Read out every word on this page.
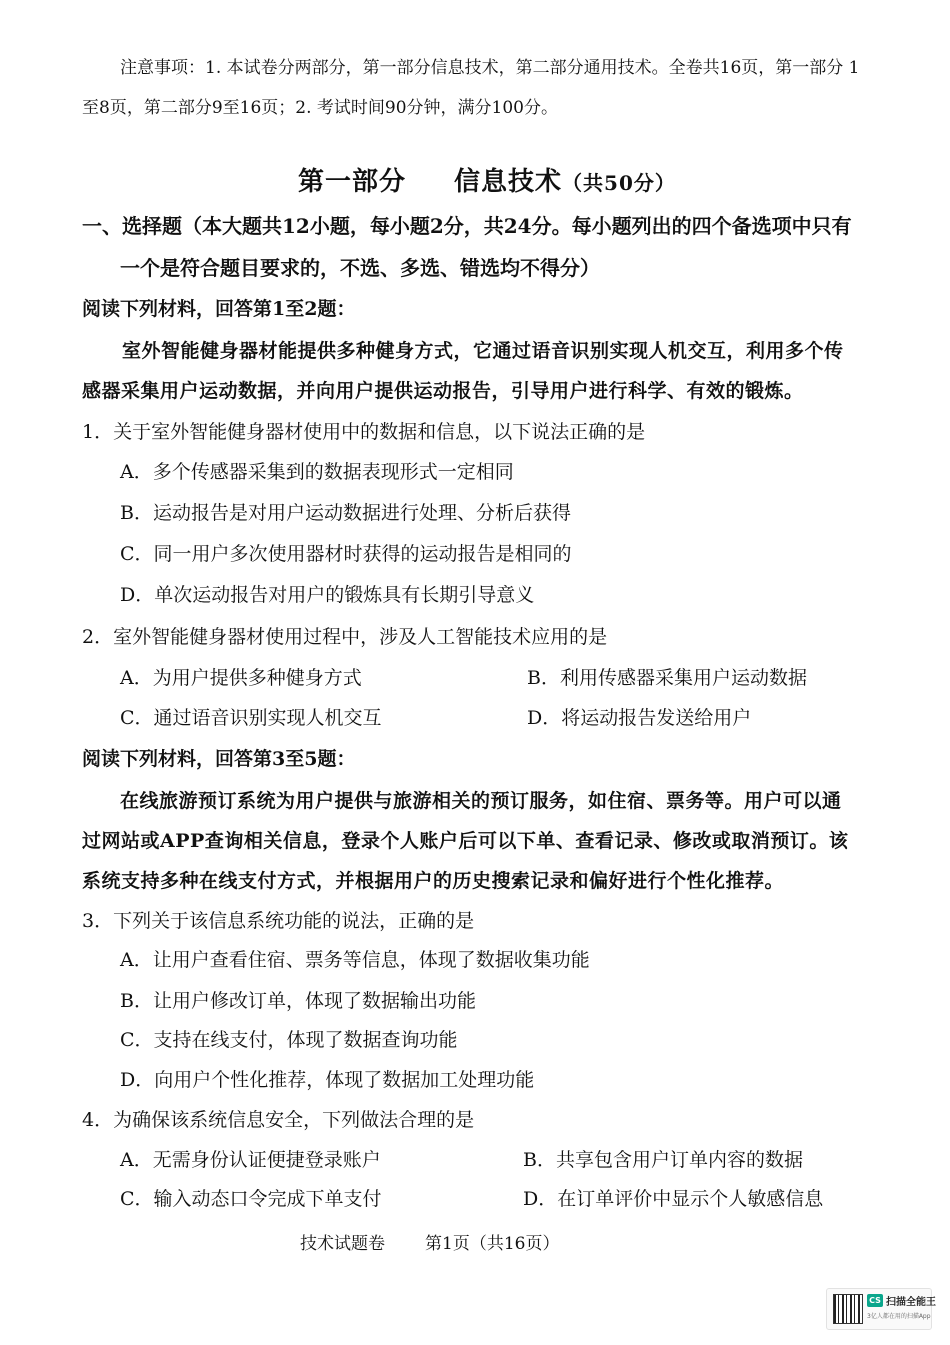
注意事项：1. 本试卷分两部分，第一部分信息技术，第二部分通用技术。全卷共16页，第一部分 1
至8页，第二部分9至16页；2. 考试时间90分钟，满分100分。
第一部分 信息技术（共50分）
一、选择题（本大题共12小题，每小题2分，共24分。每小题列出的四个备选项中只有
一个是符合题目要求的，不选、多选、错选均不得分）
阅读下列材料，回答第1至2题：
室外智能健身器材能提供多种健身方式，它通过语音识别实现人机交互，利用多个传
感器采集用户运动数据，并向用户提供运动报告，引导用户进行科学、有效的锻炼。
1．关于室外智能健身器材使用中的数据和信息，以下说法正确的是
A．多个传感器采集到的数据表现形式一定相同
B．运动报告是对用户运动数据进行处理、分析后获得
C．同一用户多次使用器材时获得的运动报告是相同的
D．单次运动报告对用户的锻炼具有长期引导意义
2．室外智能健身器材使用过程中，涉及人工智能技术应用的是
A．为用户提供多种健身方式	B．利用传感器采集用户运动数据
C．通过语音识别实现人机交互	D．将运动报告发送给用户
阅读下列材料，回答第3至5题：
在线旅游预订系统为用户提供与旅游相关的预订服务，如住宿、票务等。用户可以通
过网站或APP查询相关信息，登录个人账户后可以下单、查看记录、修改或取消预订。该
系统支持多种在线支付方式，并根据用户的历史搜索记录和偏好进行个性化推荐。
3．下列关于该信息系统功能的说法，正确的是
A．让用户查看住宿、票务等信息，体现了数据收集功能
B．让用户修改订单，体现了数据输出功能
C．支持在线支付，体现了数据查询功能
D．向用户个性化推荐，体现了数据加工处理功能
4．为确保该系统信息安全，下列做法合理的是
A．无需身份认证便捷登录账户	B．共享包含用户订单内容的数据
C．输入动态口令完成下单支付	D．在订单评价中显示个人敏感信息
技术试题卷 第1页（共16页）
CS 扫描全能王
3亿人都在用的扫描App
